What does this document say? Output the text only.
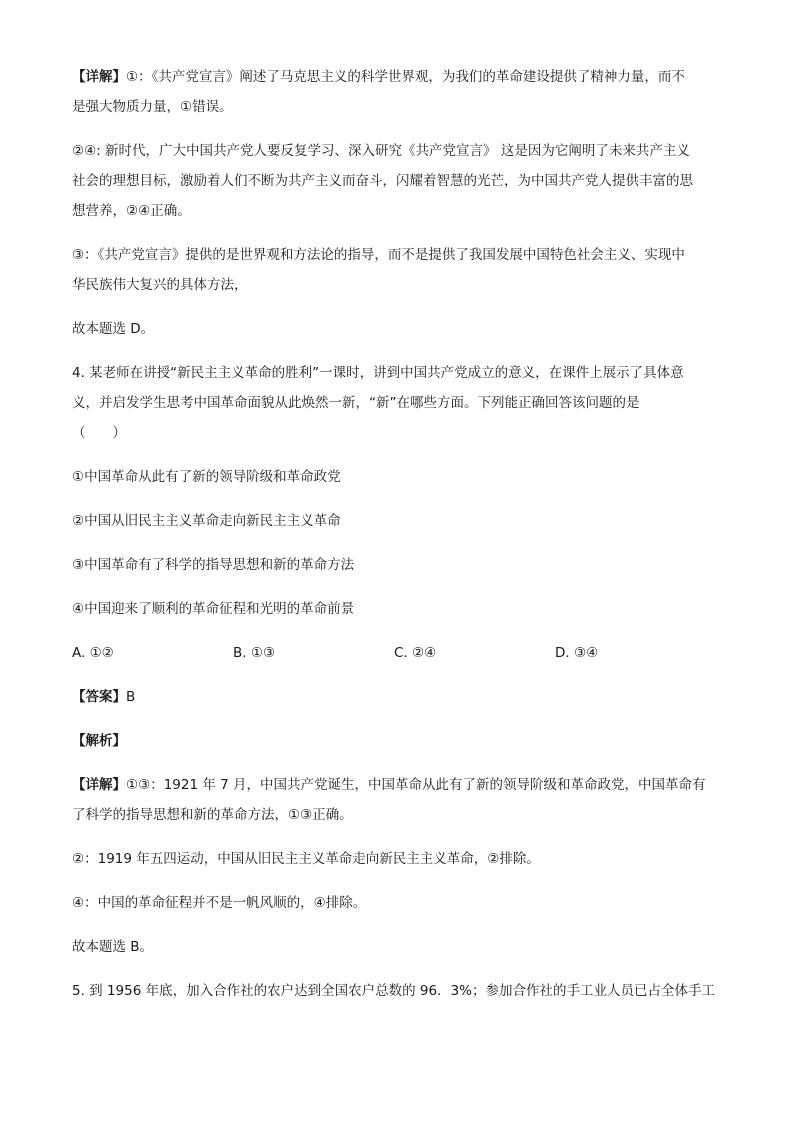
【详解】①：《共产党宣言》阐述了马克思主义的科学世界观，为我们的革命建设提供了精神力量，而不

是强大物质力量，①错误。

②④: 新时代，广大中国共产党人要反复学习、深入研究《共产党宣言》 这是因为它阐明了未来共产主义

社会的理想目标，激励着人们不断为共产主义而奋斗，闪耀着智慧的光芒，为中国共产党人提供丰富的思

想营养，②④正确。

③：《共产党宣言》提供的是世界观和方法论的指导，而不是提供了我国发展中国特色社会主义、实现中

华民族伟大复兴的具体方法，

故本题选 D。

4. 某老师在讲授“新民主主义革命的胜利”一课时，讲到中国共产党成立的意义，在课件上展示了具体意

义，并启发学生思考中国革命面貌从此焕然一新，“新”在哪些方面。下列能正确回答该问题的是

（　　）

①中国革命从此有了新的领导阶级和革命政党

②中国从旧民主主义革命走向新民主主义革命

③中国革命有了科学的指导思想和新的革命方法

④中国迎来了顺利的革命征程和光明的革命前景

A. ①②	B. ①③	C. ②④	D. ③④

【答案】B

【解析】

【详解】①③：1921 年 7 月，中国共产党诞生，中国革命从此有了新的领导阶级和革命政党，中国革命有

了科学的指导思想和新的革命方法，①③正确。

②：1919 年五四运动，中国从旧民主主义革命走向新民主主义革命，②排除。

④：中国的革命征程并不是一帆风顺的，④排除。

故本题选 B。

5. 到 1956 年底，加入合作社的农户达到全国农户总数的 96．3%；参加合作社的手工业人员已占全体手工
